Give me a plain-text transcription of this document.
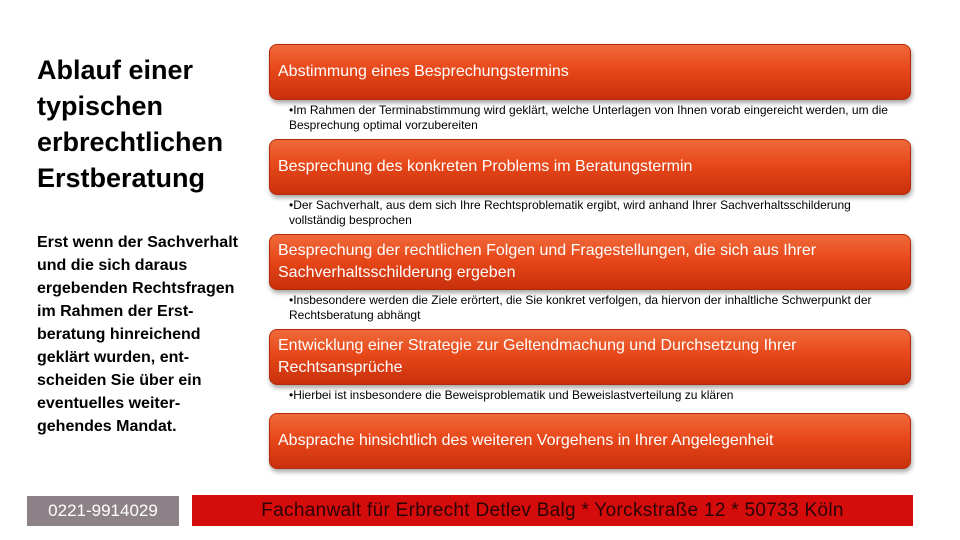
Ablauf einer typischen erbrechtlichen Erstberatung
Erst wenn der Sachverhalt und die sich daraus ergebenden Rechtsfragen im Rahmen der Erst-beratung hinreichend geklärt wurden, ent-scheiden Sie über ein eventuelles weiter-gehendes Mandat.
Abstimmung eines Besprechungstermins
•Im Rahmen der Terminabstimmung wird geklärt, welche Unterlagen von Ihnen vorab eingereicht werden, um die Besprechung optimal vorzubereiten
Besprechung des konkreten Problems im Beratungstermin
•Der Sachverhalt, aus dem sich Ihre Rechtsproblematik ergibt, wird anhand Ihrer Sachverhaltsschilderung vollständig besprochen
Besprechung der rechtlichen Folgen und Fragestellungen, die sich aus Ihrer Sachverhaltsschilderung ergeben
•Insbesondere werden die Ziele erörtert, die Sie konkret verfolgen, da hiervon der inhaltliche Schwerpunkt der Rechtsberatung abhängt
Entwicklung einer Strategie zur Geltendmachung und Durchsetzung Ihrer Rechtsansprüche
•Hierbei ist insbesondere die Beweisproblematik und Beweislastverteilung zu klären
Absprache hinsichtlich des weiteren Vorgehens in Ihrer Angelegenheit
0221-9914029	Fachanwalt für Erbrecht Detlev Balg * Yorckstraße 12 * 50733 Köln
